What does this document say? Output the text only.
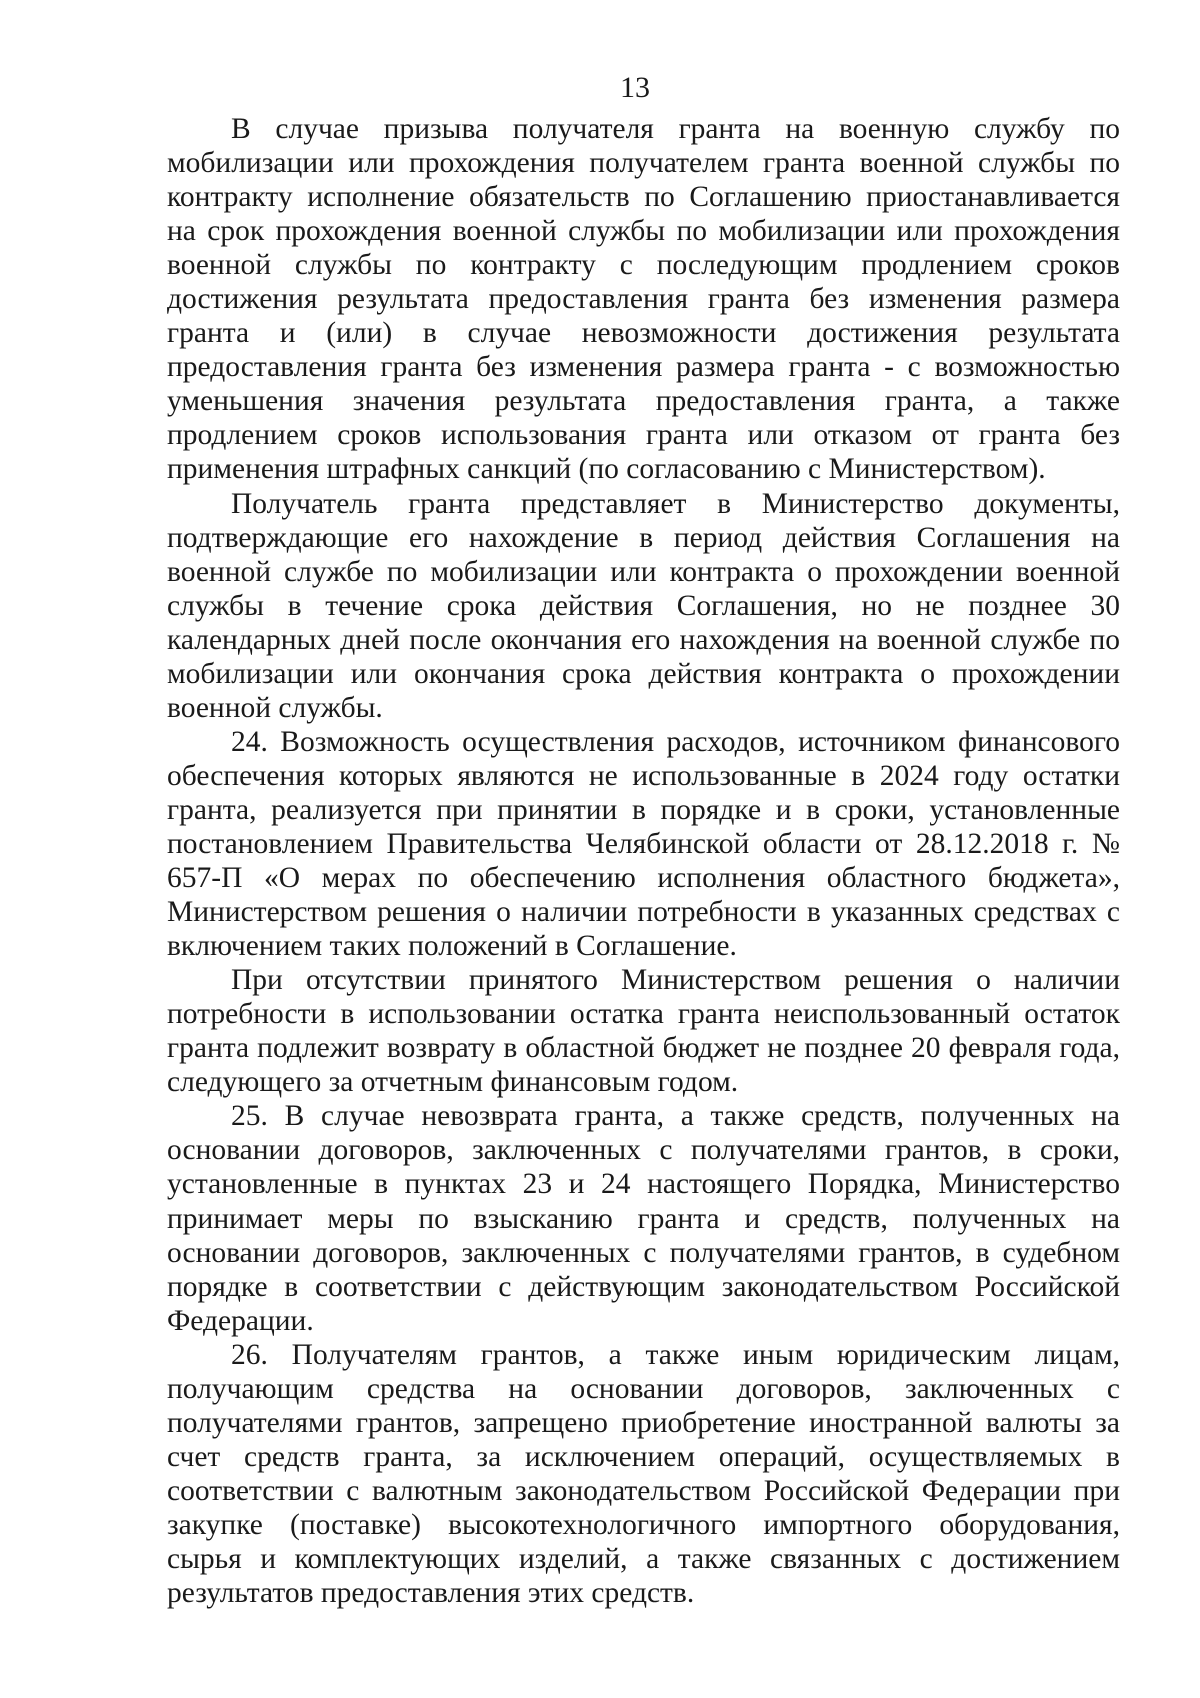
13

В случае призыва получателя гранта на военную службу по мобилизации или прохождения получателем гранта военной службы по контракту исполнение обязательств по Соглашению приостанавливается на срок прохождения военной службы по мобилизации или прохождения военной службы по контракту с последующим продлением сроков достижения результата предоставления гранта без изменения размера гранта и (или) в случае невозможности достижения результата предоставления гранта без изменения размера гранта - с возможностью уменьшения значения результата предоставления гранта, а также продлением сроков использования гранта или отказом от гранта без применения штрафных санкций (по согласованию с Министерством).

Получатель гранта представляет в Министерство документы, подтверждающие его нахождение в период действия Соглашения на военной службе по мобилизации или контракта о прохождении военной службы в течение срока действия Соглашения, но не позднее 30 календарных дней после окончания его нахождения на военной службе по мобилизации или окончания срока действия контракта о прохождении военной службы.

24. Возможность осуществления расходов, источником финансового обеспечения которых являются не использованные в 2024 году остатки гранта, реализуется при принятии в порядке и в сроки, установленные постановлением Правительства Челябинской области от 28.12.2018 г. № 657-П «О мерах по обеспечению исполнения областного бюджета», Министерством решения о наличии потребности в указанных средствах с включением таких положений в Соглашение.

При отсутствии принятого Министерством решения о наличии потребности в использовании остатка гранта неиспользованный остаток гранта подлежит возврату в областной бюджет не позднее 20 февраля года, следующего за отчетным финансовым годом.

25. В случае невозврата гранта, а также средств, полученных на основании договоров, заключенных с получателями грантов, в сроки, установленные в пунктах 23 и 24 настоящего Порядка, Министерство принимает меры по взысканию гранта и средств, полученных на основании договоров, заключенных с получателями грантов, в судебном порядке в соответствии с действующим законодательством Российской Федерации.

26. Получателям грантов, а также иным юридическим лицам, получающим средства на основании договоров, заключенных с получателями грантов, запрещено приобретение иностранной валюты за счет средств гранта, за исключением операций, осуществляемых в соответствии с валютным законодательством Российской Федерации при закупке (поставке) высокотехнологичного импортного оборудования, сырья и комплектующих изделий, а также связанных с достижением результатов предоставления этих средств.
